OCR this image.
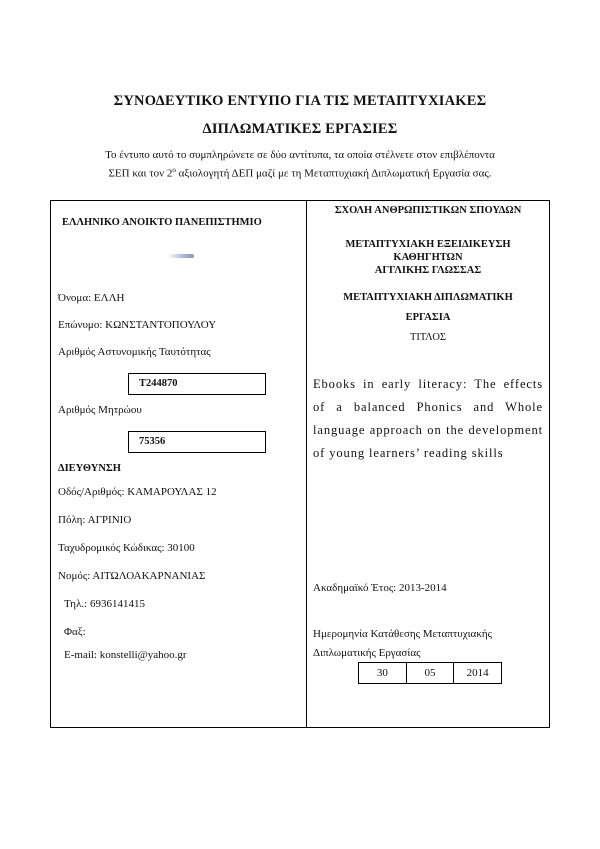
ΣΥΝΟΔΕΥΤΙΚΟ ΕΝΤΥΠΟ ΓΙΑ ΤΙΣ ΜΕΤΑΠΤΥΧΙΑΚΕΣ
ΔΙΠΛΩΜΑΤΙΚΕΣ ΕΡΓΑΣΙΕΣ
Το έντυπο αυτό το συμπληρώνετε σε δύο αντίτυπα, τα οποία στέλνετε στον επιβλέποντα
ΣΕΠ και τον $2^o$ αξιολογητή ΔΕΠ μαζί με τη Μεταπτυχιακή Διπλωματική Εργασία σας.
ΕΛΛΗΝΙΚΟ ΑΝΟΙΚΤΟ ΠΑΝΕΠΙΣΤΗΜΙΟ
Όνομα: ΕΛΛΗ
Επώνυμο: ΚΩΝΣΤΑΝΤΟΠΟΥΛΟΥ
Αριθμός Αστυνομικής Ταυτότητας
Τ244870
Αριθμός Μητρώου
75356
ΔΙΕΥΘΥΝΣΗ
Οδός/Αριθμός: ΚΑΜΑΡΟΥΛΑΣ 12
Πόλη: ΑΓΡΙΝΙΟ
Ταχυδρομικός Κώδικας: 30100
Νομός: ΑΙΤΩΛΟΑΚΑΡΝΑΝΙΑΣ
Τηλ.: 6936141415
Φαξ:
E-mail: konstelli@yahoo.gr
ΣΧΟΛΗ ΑΝΘΡΩΠΙΣΤΙΚΩΝ ΣΠΟΥΔΩΝ
ΜΕΤΑΠΤΥΧΙΑΚΗ ΕΞΕΙΔΙΚΕΥΣΗ
ΚΑΘΗΓΗΤΩΝ
ΑΓΓΛΙΚΗΣ ΓΛΩΣΣΑΣ
ΜΕΤΑΠΤΥΧΙΑΚΗ ΔΙΠΛΩΜΑΤΙΚΗ
ΕΡΓΑΣΙΑ
ΤΙΤΛΟΣ
Ebooks in early literacy: The effects of a balanced Phonics and Whole language approach on the development of young learners’ reading skills
Ακαδημαϊκό Έτος: 2013-2014
Ημερομηνία Κατάθεσης Μεταπτυχιακής
Διπλωματικής Εργασίας
30	05	2014
